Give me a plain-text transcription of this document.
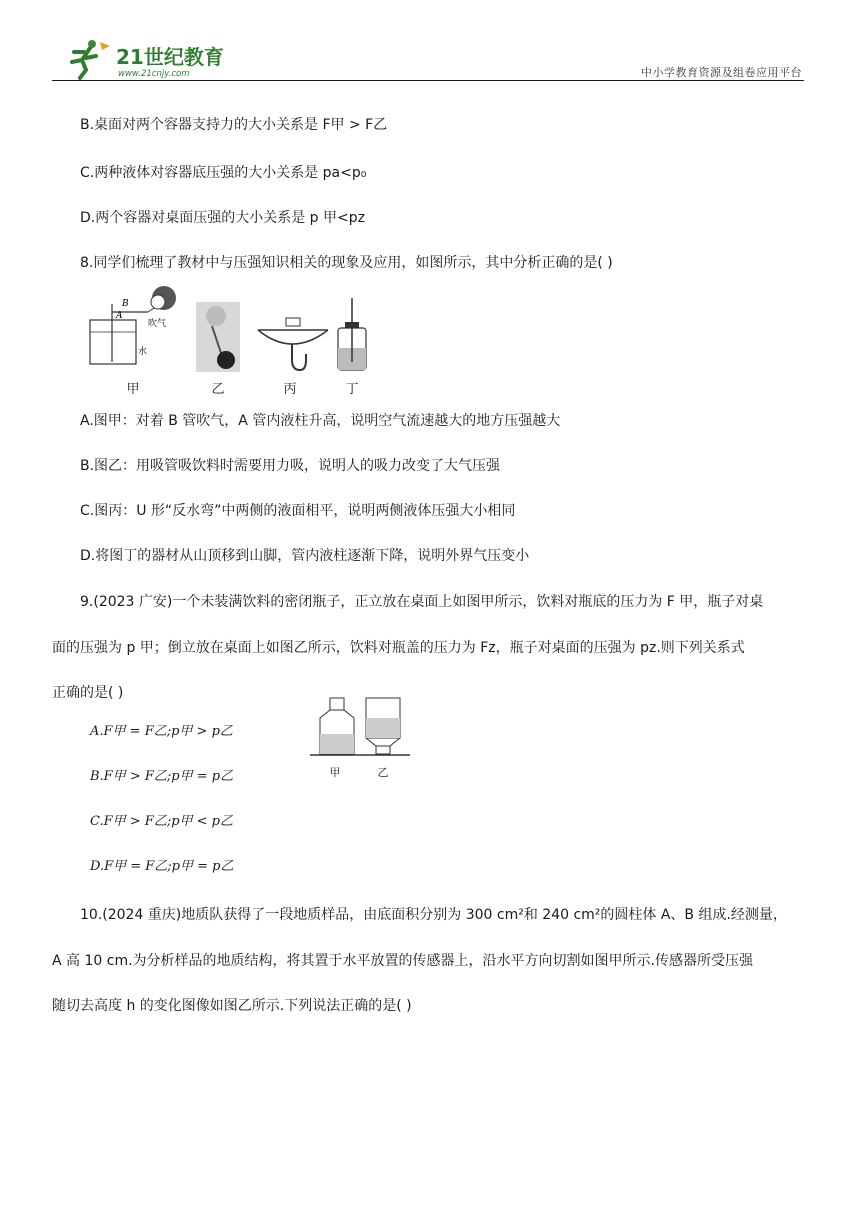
21世纪教育
www.21cnjy.com	中小学教育资源及组卷应用平台
B.桌面对两个容器支持力的大小关系是 F甲 > F乙
C.两种液体对容器底压强的大小关系是 pa<p₀
D.两个容器对桌面压强的大小关系是 p 甲<pz
8.同学们梳理了教材中与压强知识相关的现象及应用，如图所示，其中分析正确的是( )
B
A
吹气
水
甲	乙	丙	丁
A.图甲：对着 B 管吹气，A 管内液柱升高，说明空气流速越大的地方压强越大
B.图乙：用吸管吸饮料时需要用力吸，说明人的吸力改变了大气压强
C.图丙：U 形“反水弯”中两侧的液面相平，说明两侧液体压强大小相同
D.将图丁的器材从山顶移到山脚，管内液柱逐渐下降，说明外界气压变小
9.(2023 广安)一个未装满饮料的密闭瓶子，正立放在桌面上如图甲所示，饮料对瓶底的压力为 F 甲，瓶子对桌
面的压强为 p 甲；倒立放在桌面上如图乙所示，饮料对瓶盖的压力为 Fz，瓶子对桌面的压强为 pz.则下列关系式
正确的是( )
A.F甲 = F乙;p甲 > p乙
B.F甲 > F乙;p甲 = p乙
C.F甲 > F乙;p甲 < p乙
D.F甲 = F乙;p甲 = p乙
甲	乙
10.(2024 重庆)地质队获得了一段地质样品，由底面积分别为 300 cm²和 240 cm²的圆柱体 A、B 组成.经测量，
A 高 10 cm.为分析样品的地质结构，将其置于水平放置的传感器上，沿水平方向切割如图甲所示.传感器所受压强
随切去高度 h 的变化图像如图乙所示.下列说法正确的是( )
